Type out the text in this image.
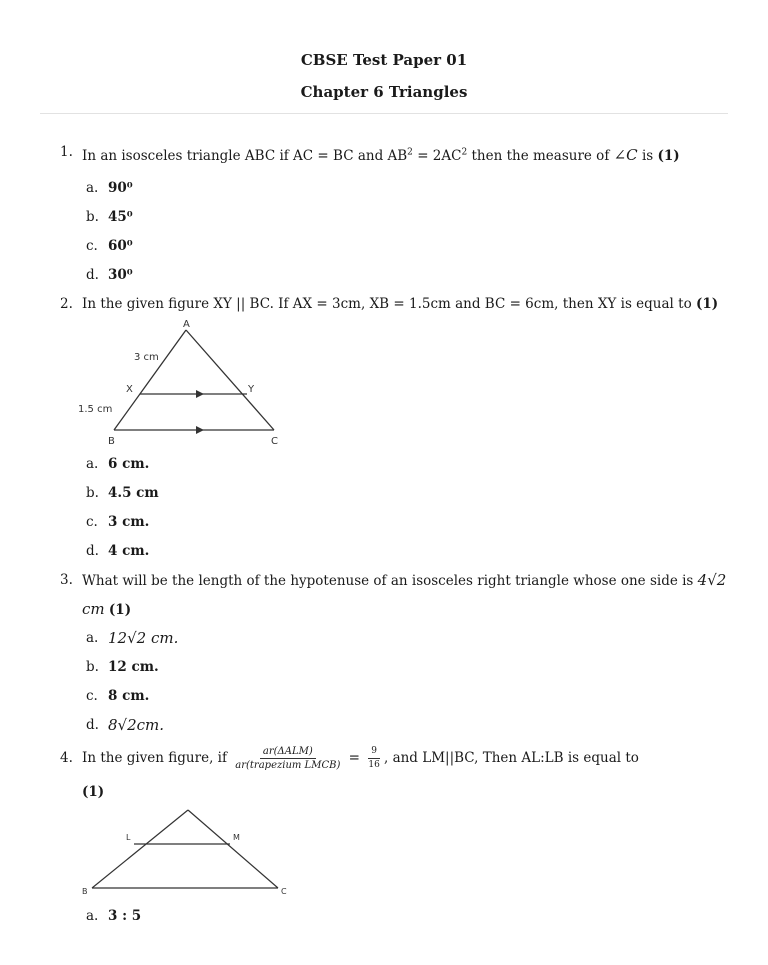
CBSE Test Paper 01
Chapter 6 Triangles
1. In an isosceles triangle ABC if AC = BC and $AB^2 = 2AC^2$ then the measure of ∠C is (1)
a. 90⁰
b. 45⁰
c. 60⁰
d. 30⁰
2. In the given figure XY || BC. If AX = 3cm, XB = 1.5cm and BC = 6cm, then XY is equal to (1)
A
B	C
X	Y
3 cm
1.5 cm
a. 6 cm.
b. 4.5 cm
c. 3 cm.
d. 4 cm.
3. What will be the length of the hypotenuse of an isosceles right triangle whose one side is 4√2 cm (1)
a. 12√2 cm.
b. 12 cm.
c. 8 cm.
d. 8√2cm.
4. In the given figure, if $\frac{\text{ar(ΔALM)}}{\text{ar(trapezium LMCB)}} = \frac{9}{16}$ , and LM||BC, Then AL:LB is equal to
(1)
L	M
B	C
a. 3 : 5
